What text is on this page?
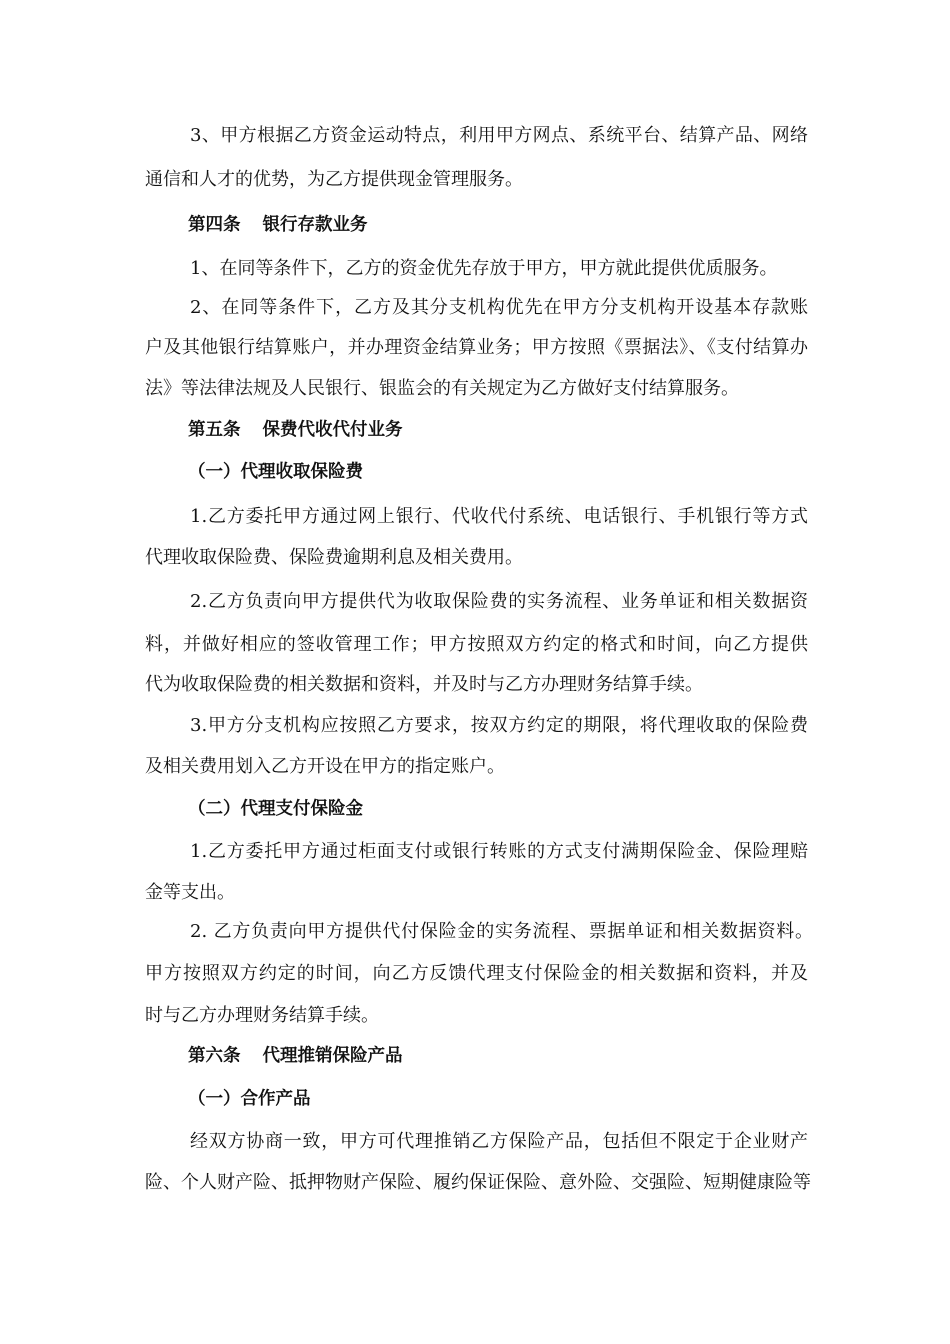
3、甲方根据乙方资金运动特点，利用甲方网点、系统平台、结算产品、网络

通信和人才的优势，为乙方提供现金管理服务。

第四条 银行存款业务

1、在同等条件下，乙方的资金优先存放于甲方，甲方就此提供优质服务。

2、在同等条件下，乙方及其分支机构优先在甲方分支机构开设基本存款账

户及其他银行结算账户，并办理资金结算业务；甲方按照《票据法》、《支付结算办

法》等法律法规及人民银行、银监会的有关规定为乙方做好支付结算服务。

第五条 保费代收代付业务

（一）代理收取保险费

1.乙方委托甲方通过网上银行、代收代付系统、电话银行、手机银行等方式

代理收取保险费、保险费逾期利息及相关费用。

2.乙方负责向甲方提供代为收取保险费的实务流程、业务单证和相关数据资

料，并做好相应的签收管理工作；甲方按照双方约定的格式和时间，向乙方提供

代为收取保险费的相关数据和资料，并及时与乙方办理财务结算手续。

3.甲方分支机构应按照乙方要求，按双方约定的期限，将代理收取的保险费

及相关费用划入乙方开设在甲方的指定账户。

（二）代理支付保险金

1.乙方委托甲方通过柜面支付或银行转账的方式支付满期保险金、保险理赔

金等支出。

2. 乙方负责向甲方提供代付保险金的实务流程、票据单证和相关数据资料。

甲方按照双方约定的时间，向乙方反馈代理支付保险金的相关数据和资料，并及

时与乙方办理财务结算手续。

第六条 代理推销保险产品

（一）合作产品

经双方协商一致，甲方可代理推销乙方保险产品，包括但不限定于企业财产

险、个人财产险、抵押物财产保险、履约保证保险、意外险、交强险、短期健康险等
